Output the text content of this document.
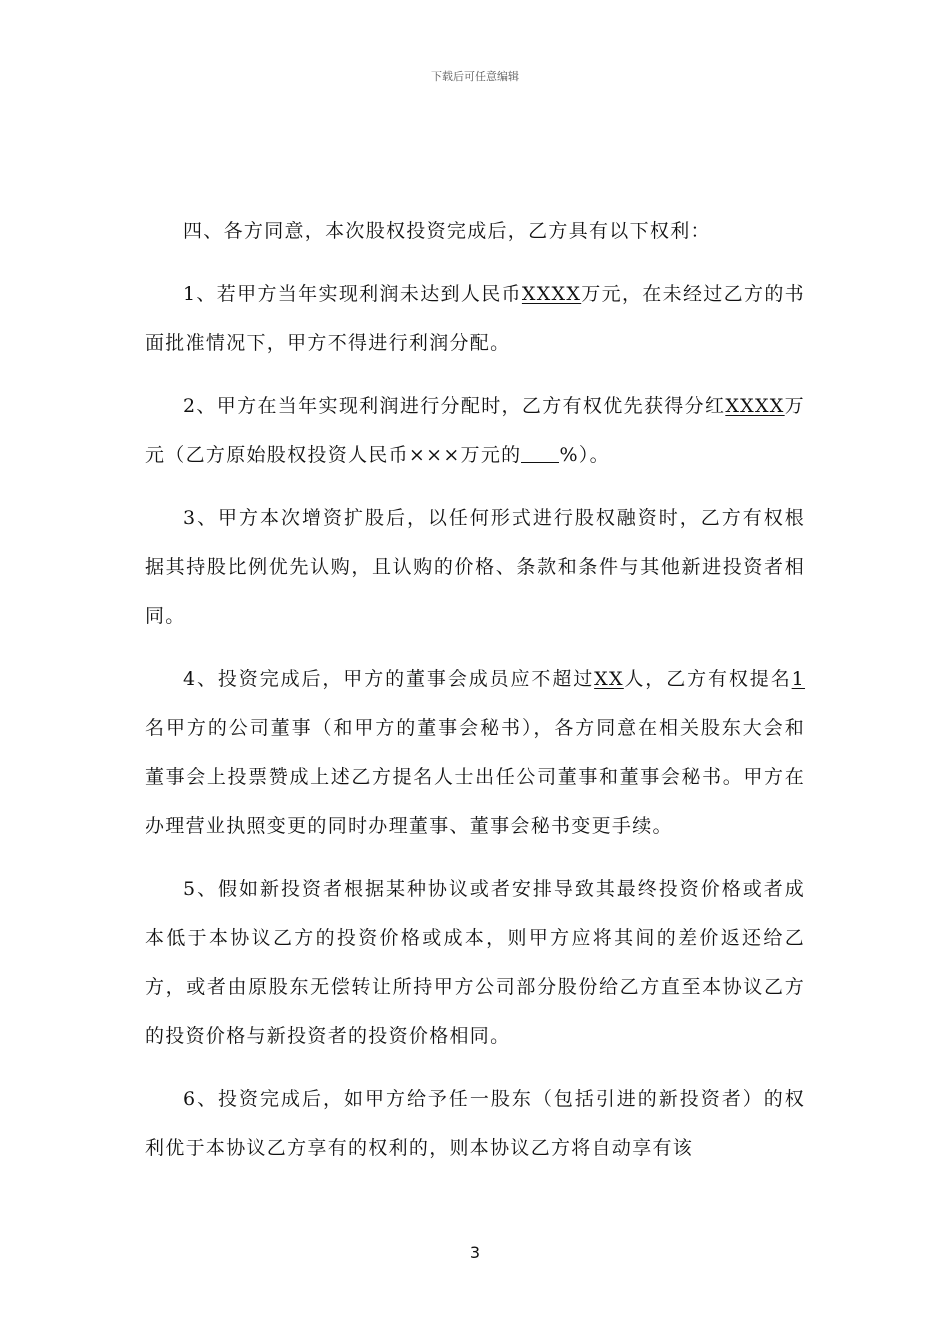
下载后可任意编辑

四、各方同意，本次股权投资完成后，乙方具有以下权利：

1、若甲方当年实现利润未达到人民币XXXX万元，在未经过乙方的书面批准情况下，甲方不得进行利润分配。

2、甲方在当年实现利润进行分配时，乙方有权优先获得分红XXXX万元（乙方原始股权投资人民币×××万元的 %）。

3、甲方本次增资扩股后，以任何形式进行股权融资时，乙方有权根据其持股比例优先认购，且认购的价格、条款和条件与其他新进投资者相同。

4、投资完成后，甲方的董事会成员应不超过XX人，乙方有权提名1名甲方的公司董事（和甲方的董事会秘书），各方同意在相关股东大会和董事会上投票赞成上述乙方提名人士出任公司董事和董事会秘书。甲方在办理营业执照变更的同时办理董事、董事会秘书变更手续。

5、假如新投资者根据某种协议或者安排导致其最终投资价格或者成本低于本协议乙方的投资价格或成本，则甲方应将其间的差价返还给乙方，或者由原股东无偿转让所持甲方公司部分股份给乙方直至本协议乙方的投资价格与新投资者的投资价格相同。

6、投资完成后，如甲方给予任一股东（包括引进的新投资者）的权利优于本协议乙方享有的权利的，则本协议乙方将自动享有该

3
